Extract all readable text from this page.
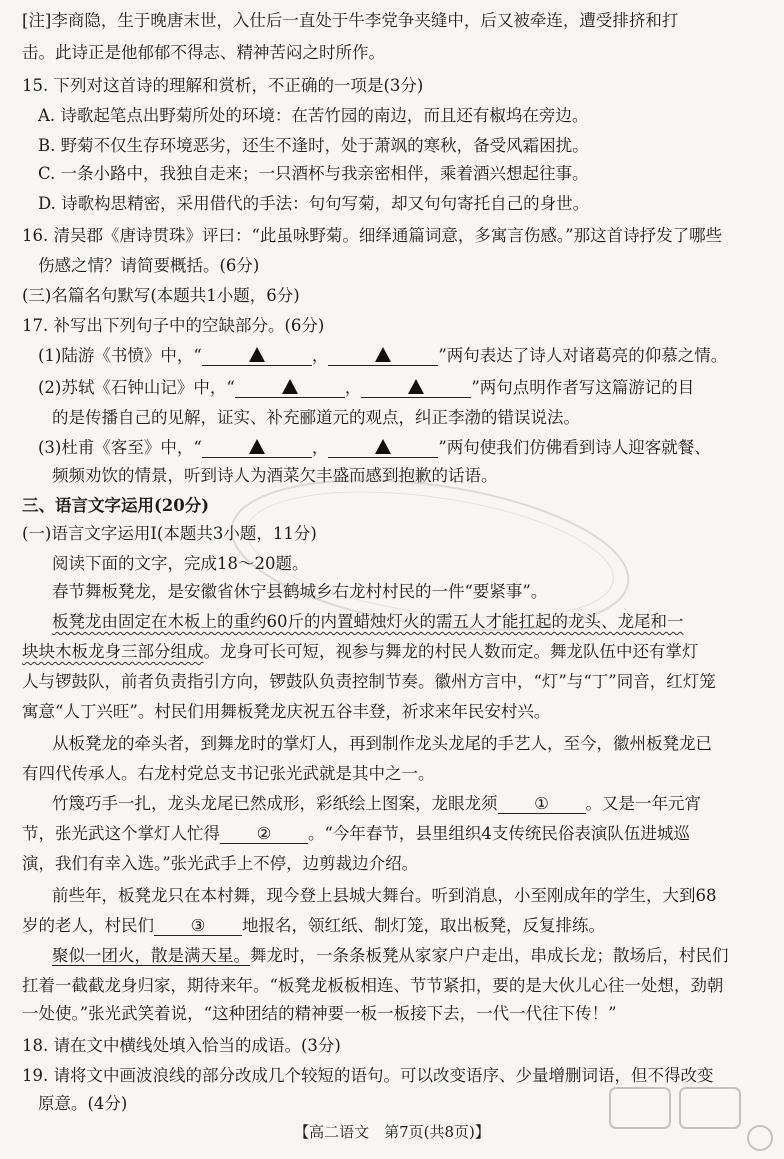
[注]李商隐，生于晚唐末世，入仕后一直处于牛李党争夹缝中，后又被牵连，遭受排挤和打
击。此诗正是他郁郁不得志、精神苦闷之时所作。
15. 下列对这首诗的理解和赏析，不正确的一项是(3分)
A. 诗歌起笔点出野菊所处的环境：在苦竹园的南边，而且还有椒坞在旁边。
B. 野菊不仅生存环境恶劣，还生不逢时，处于萧飒的寒秋，备受风霜困扰。
C. 一条小路中，我独自走来；一只酒杯与我亲密相伴，乘着酒兴想起往事。
D. 诗歌构思精密，采用借代的手法：句句写菊，却又句句寄托自己的身世。
16. 清吴郡《唐诗贯珠》评曰：“此虽咏野菊。细绎通篇词意，多寓言伤感。”那这首诗抒发了哪些
伤感之情？请简要概括。(6分)
(三)名篇名句默写(本题共1小题，6分)
17. 补写出下列句子中的空缺部分。(6分)
(1)陆游《书愤》中，“	，	”两句表达了诗人对诸葛亮的仰慕之情。
(2)苏轼《石钟山记》中，“	，	”两句点明作者写这篇游记的目
的是传播自己的见解，证实、补充郦道元的观点，纠正李渤的错误说法。
(3)杜甫《客至》中，“	，	”两句使我们仿佛看到诗人迎客就餐、
频频劝饮的情景，听到诗人为酒菜欠丰盛而感到抱歉的话语。
三、语言文字运用(20分)
(一)语言文字运用Ⅰ(本题共3小题，11分)
阅读下面的文字，完成18～20题。
春节舞板凳龙，是安徽省休宁县鹤城乡右龙村村民的一件“要紧事”。
板凳龙由固定在木板上的重约60斤的内置蜡烛灯火的需五人才能扛起的龙头、龙尾和一
块块木板龙身三部分组成。龙身可长可短，视参与舞龙的村民人数而定。舞龙队伍中还有掌灯
人与锣鼓队，前者负责指引方向，锣鼓队负责控制节奏。徽州方言中，“灯”与“丁”同音，红灯笼
寓意“人丁兴旺”。村民们用舞板凳龙庆祝五谷丰登，祈求来年民安村兴。
从板凳龙的牵头者，到舞龙时的掌灯人，再到制作龙头龙尾的手艺人，至今，徽州板凳龙已
有四代传承人。右龙村党总支书记张光武就是其中之一。
竹篾巧手一扎，龙头龙尾已然成形，彩纸绘上图案，龙眼龙须 ① 。又是一年元宵
节，张光武这个掌灯人忙得 ② 。“今年春节，县里组织4支传统民俗表演队伍进城巡
演，我们有幸入选。”张光武手上不停，边剪裁边介绍。
前些年，板凳龙只在本村舞，现今登上县城大舞台。听到消息，小至刚成年的学生，大到68
岁的老人，村民们 ③ 地报名，领红纸、制灯笼，取出板凳，反复排练。
聚似一团火，散是满天星。舞龙时，一条条板凳从家家户户走出，串成长龙；散场后，村民们
扛着一截截龙身归家，期待来年。“板凳龙板板相连、节节紧扣，要的是大伙儿心往一处想，劲朝
一处使。”张光武笑着说，“这种团结的精神要一板一板接下去，一代一代往下传！”
18. 请在文中横线处填入恰当的成语。(3分)
19. 请将文中画波浪线的部分改成几个较短的语句。可以改变语序、少量增删词语，但不得改变
原意。(4分)
【高二语文　第7页(共8页)】
